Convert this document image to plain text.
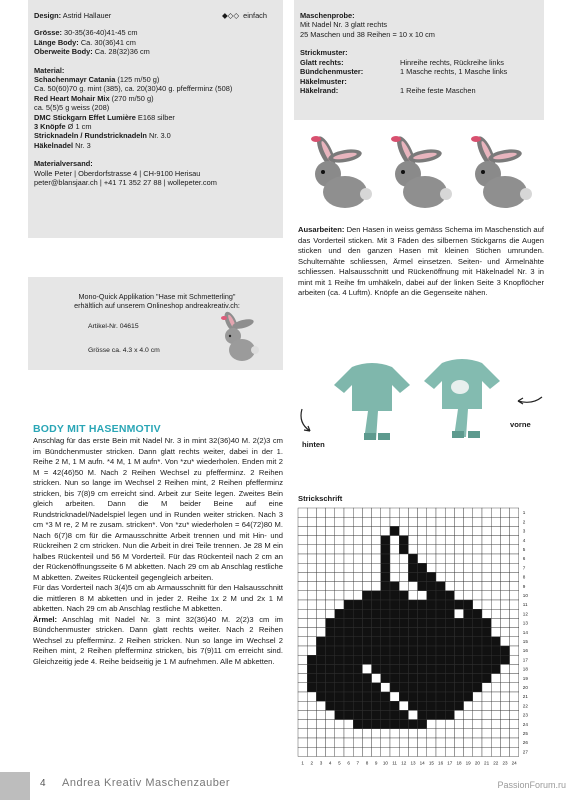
Design: Astrid Hallauer	◆◇◇ einfach
Grösse: 30-35(36-40)41-45 cm
Länge Body: Ca. 30(36)41 cm
Oberweite Body: Ca. 28(32)36 cm
Material:
Schachenmayr Catania (125 m/50 g)
Ca. 50(60)70 g. mint (385), ca. 20(30)40 g. pfefferminz (508)
Red Heart Mohair Mix (270 m/50 g)
ca. 5(5)5 g weiss (208)
DMC Stickgarn Effet Lumière E168 silber
3 Knöpfe Ø 1 cm
Stricknadeln / Rundstricknadeln Nr. 3.0
Häkelnadel Nr. 3
Materialversand:
Wolle Peter | Oberdorfstrasse 4 | CH-9100 Herisau
peter@blansjaar.ch | +41 71 352 27 88 | wollepeter.com
Mono-Quick Applikation "Hase mit Schmetterling"
erhältlich auf unserem Onlineshop andreakreativ.ch:
Artikel-Nr. 04615
Grösse ca. 4.3 x 4.0 cm
Maschenprobe:
Mit Nadel Nr. 3 glatt rechts
25 Maschen und 38 Reihen = 10 x 10 cm
Strickmuster:
Glatt rechts:	Hinreihe rechts, Rückreihe links
Bündchenmuster:	1 Masche rechts, 1 Masche links
Häkelmuster:
Häkelrand:	1 Reihe feste Maschen
Ausarbeiten: Den Hasen in weiss gemäss Schema im Maschenstich auf das Vorderteil sticken. Mit 3 Fäden des silbernen Stickgarns die Augen sticken und den ganzen Hasen mit kleinen Stichen umrunden. Schulternähte schliessen, Ärmel einsetzen. Seiten- und Ärmelnähte schliessen. Halsausschnitt und Rückenöffnung mit Häkelnadel Nr. 3 in mint mit 1 Reihe fm umhäkeln, dabei auf der linken Seite 3 Knopflöcher arbeiten (ca. 4 Luftm). Knöpfe an die Gegenseite nähen.
hinten
vorne
BODY MIT HASENMOTIV
Anschlag für das erste Bein mit Nadel Nr. 3 in mint 32(36)40 M. 2(2)3 cm im Bündchenmuster stricken. Dann glatt rechts weiter, dabei in der 1. Reihe 2 M, 1 M aufn. *4 M, 1 M aufn*. Von *zu* wiederholen. Enden mit 2 M = 42(46)50 M. Nach 2 Reihen Wechsel zu pfefferminz. 2 Reihen stricken. Nun so lange im Wechsel 2 Reihen mint, 2 Reihen pfefferminz stricken, bis 7(8)9 cm erreicht sind. Arbeit zur Seite legen. Zweites Bein gleich arbeiten. Dann die M beider Beine auf eine Rundstricknadel/Nadelspiel legen und in Runden weiter stricken. Nach 3 cm *3 M re, 2 M re zusam. stricken*. Von *zu* wiederholen = 64(72)80 M. Nach 6(7)8 cm für die Armausschnitte Arbeit trennen und mit Hin- und Rückreihen 2 cm stricken. Nun die Arbeit in drei Teile trennen. Je 28 M ein halbes Rückenteil und 56 M Vorderteil. Für das Rückenteil nach 2 cm an der Rückenöffnungsseite 6 M abketten. Nach 29 cm ab Anschlag restliche M abketten. Zweites Rückenteil gegengleich arbeiten.
Für das Vorderteil nach 3(4)5 cm ab Armausschnitt für den Halsausschnitt die mittleren 8 M abketten und in jeder 2. Reihe 1x 2 M und 2x 1 M abketten. Nach 29 cm ab Anschlag restliche M abketten.
Ärmel: Anschlag mit Nadel Nr. 3 mint 32(36)40 M. 2(2)3 cm im Bündchenmuster stricken. Dann glatt rechts weiter. Nach 2 Reihen Wechsel zu pfefferminz. 2 Reihen stricken. Nun so lange im Wechsel 2 Reihen mint, 2 Reihen pfefferminz stricken, bis 7(9)11 cm erreicht sind. Gleichzeitig jede 4. Reihe beidseitig je 1 M aufnehmen. Alle M abketten.
Strickschrift
1 2 3 4 5 6 7 8 9 10 11 12 13 14 15 16 17 18 19 20 21 22 23 24
1
2
3
4
5
6
7
8
9
10
11
12
13
14
15
16
17
18
19
20
21
22
23
24
25
26
27
4 Andrea Kreativ Maschenzauber	PassionForum.ru
